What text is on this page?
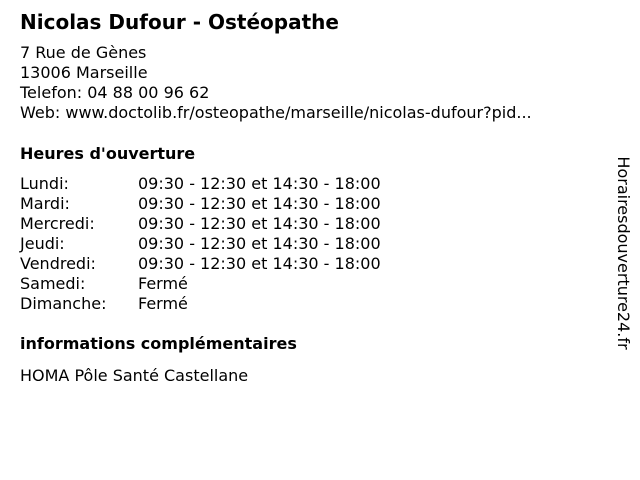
Nicolas Dufour - Ostéopathe
7 Rue de Gènes
13006 Marseille
Telefon: 04 88 00 96 62
Web: www.doctolib.fr/osteopathe/marseille/nicolas-dufour?pid...
Heures d'ouverture
Lundi:	09:30 - 12:30 et 14:30 - 18:00
Mardi:	09:30 - 12:30 et 14:30 - 18:00
Mercredi:	09:30 - 12:30 et 14:30 - 18:00
Jeudi:	09:30 - 12:30 et 14:30 - 18:00
Vendredi:	09:30 - 12:30 et 14:30 - 18:00
Samedi:	Fermé
Dimanche:	Fermé
informations complémentaires
HOMA Pôle Santé Castellane
Horairesdouverture24.fr
